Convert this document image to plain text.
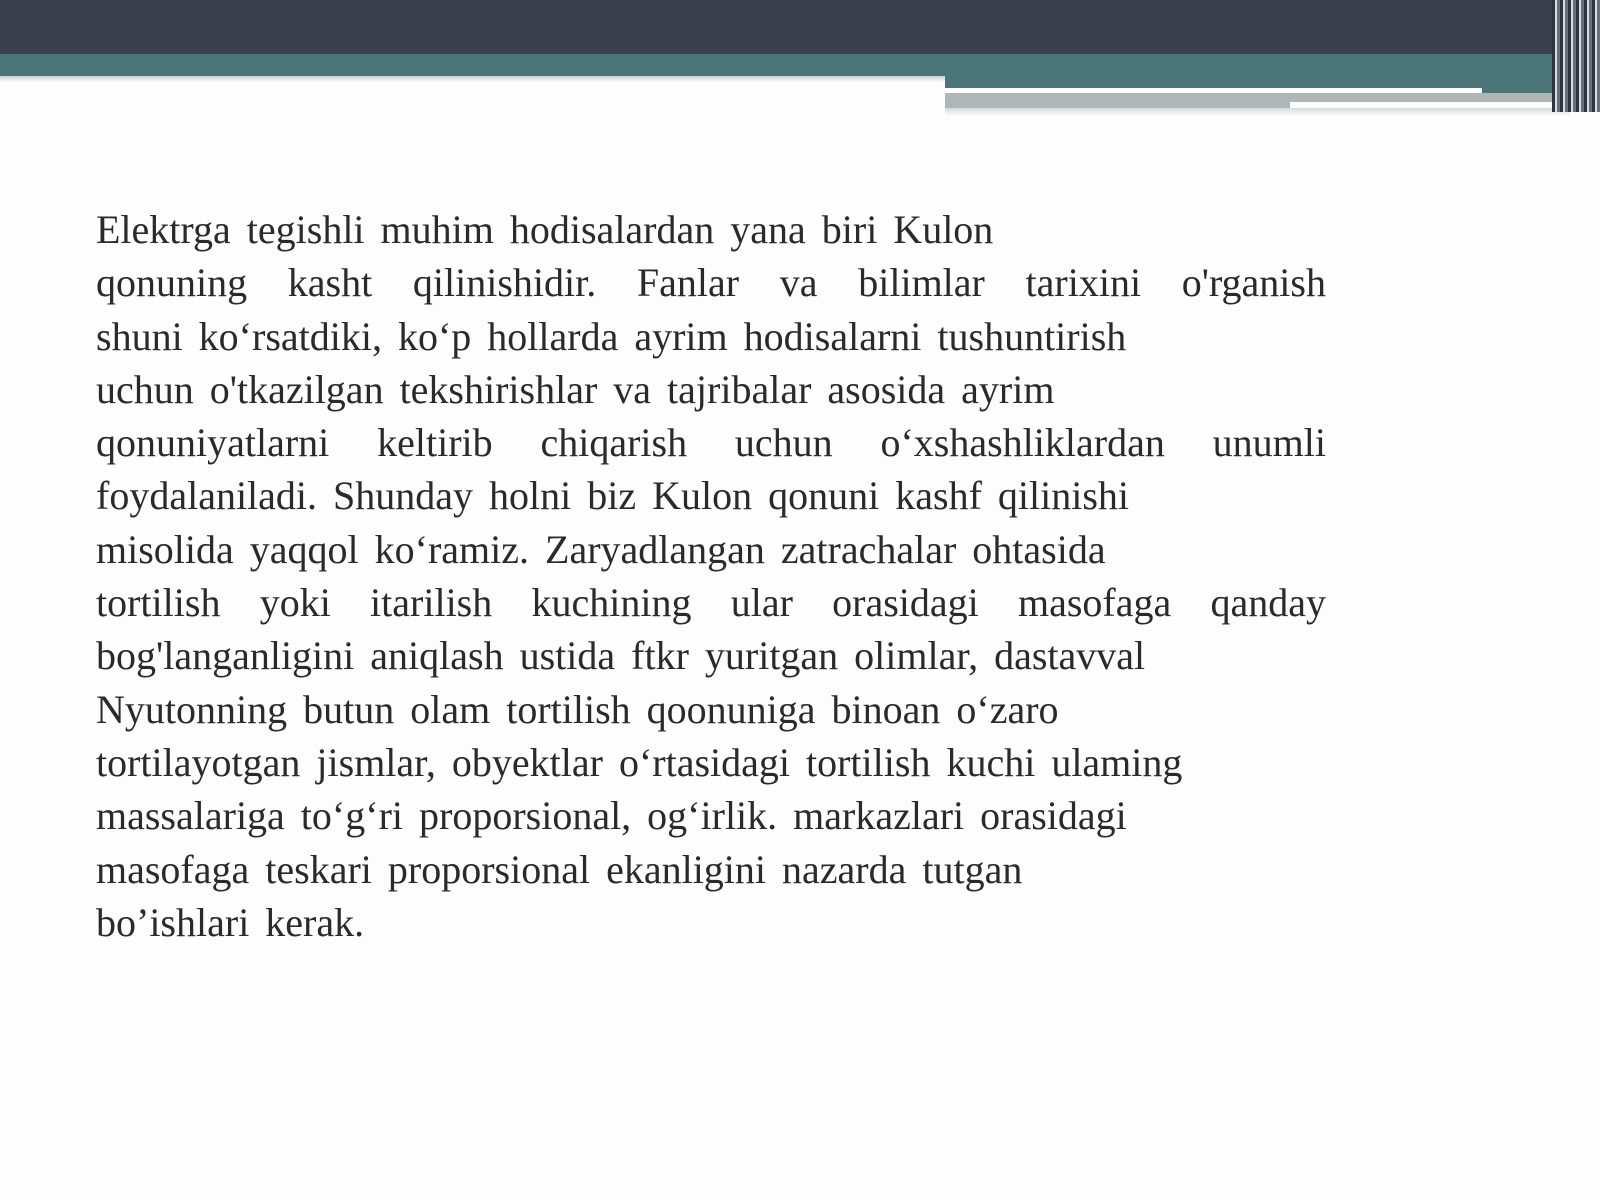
Elektrga tegishli muhim hodisalardan yana biri Kulon
qonuning kasht qilinishidir. Fanlar va bilimlar tarixini o'rganish
shuni ko‘rsatdiki, ko‘p hollarda ayrim hodisalarni tushuntirish
uchun o'tkazilgan tekshirishlar va tajribalar asosida ayrim
qonuniyatlarni keltirib chiqarish uchun o‘xshashliklardan unumli
foydalaniladi. Shunday holni biz Kulon qonuni kashf qilinishi
misolida yaqqol ko‘ramiz. Zaryadlangan zatrachalar ohtasida
tortilish yoki itarilish kuchining ular orasidagi masofaga qanday
bog'langanligini aniqlash ustida ftkr yuritgan olimlar, dastavval
Nyutonning butun olam tortilish qoonuniga binoan o‘zaro
tortilayotgan jismlar, obyektlar o‘rtasidagi tortilish kuchi ulaming
massalariga to‘g‘ri proporsional, og‘irlik. markazlari orasidagi
masofaga teskari proporsional ekanligini nazarda tutgan
bo’ishlari kerak.
